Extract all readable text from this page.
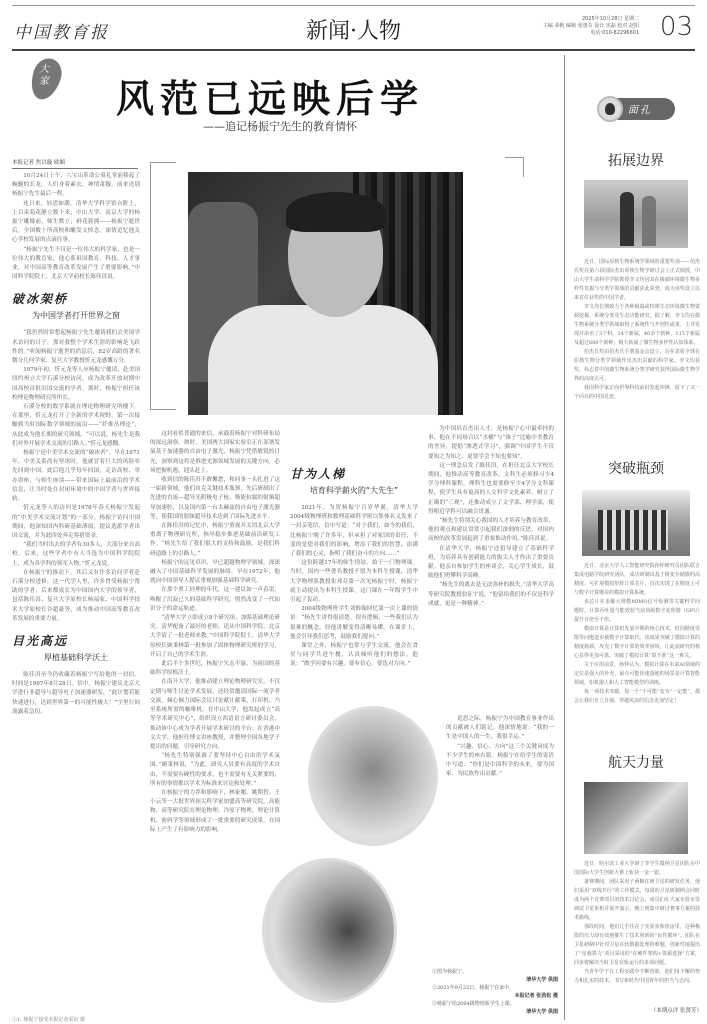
中国教育报	新闻·人物	2025年10月28日 星期二
主编 荣帆 编辑 张惠芬 设计 宪磊 校对 赵阳
电话:010-82296601 03
大家 风范已远映后学
——追记杨振宁先生的教育情怀
本报记者 焦以璇 欧媚

10月24日上午，八宝山革命公墓礼堂前移起了蜿蜒的长龙。人们身着素衣，神情肃穆，前来送别杨振宁先生最后一程。

连日来，轻思如潮。清华大学科学馆台阶上，上百束菊花静立数十米；中山大学、南京大学的杨振宁雕像前，师生默立；鲜花簇拥——杨振宁逝世后，全国数十所高校和雕发文悼念，深情追忆他关心学校发展的点滴往事。

“杨振宁先生不仅是一位伟大的科学家，也是一位伟大的教育家，他心系祖国教育、科技、人才事业，对中国高等教育改革发展产生了重要影响。”中国科学院院士、北京大学前校长陈佳洱说。

破冰架桥
为中国学者打开世界之窗

“我仍然时常想起杨振宁先生邀请我们去美国学术访问的日子，那对我整个学术生涯的影响是飞跃性的。”听闻杨振宁逝世的消息后，82岁高龄的著名微分几何学家、复旦大学教授忻元龙感慨万分。

1979年初，忻元龙等人应杨振宁邀请，赴美国纽约州立大学石溪分校访问，成为改革开放初期中国高校首批出国交流的学者。那时，杨振宁担任该校理论物理研究所所长。

石溪分校的数学系就在理论物理研究所楼下。在那里，忻元龙打开了全新的学术视野，第一次接触到当时国际数学领域的前沿——“纤维丛理论”，从此成为他长期的研究领域。“可以说，杨先生是我们对外开展学术交流的引路人。”忻元龙感慨。

杨振宁是中美学术交流的“破冰者”。早在1971年，中美关系尚有坚冰时，他就冒着巨大的风险率先回到中国。此后他几乎每年回国，走访高校、举办讲座，与师生座谈——带来国际上最前沿的学术信息，让当时处在封闭环境中的中国学者与世界接轨。

忻元龙等人的访问是1978年春天杨振宁发起的“中美学术交流计划”的一部分。杨振宁访问中国期间，他深知国内科研基础薄弱，提议选派学者出国交流，并为此四处奔走筹措资金。

“我们当时出去的学者有30多人，大部分来自高校。后来，这些学者中有人当选为中国科学院院士，成为各学科的领军人物。”忻元龙说。

在杨振宁的推动下，其后又有许多访问学者赴石溪分校进修，这一代学人里，许多曾受杨振宁帮助的学者，后来都成长为中国国内大学的领导者，包括陈佳洱、复旦大学原校长杨福家、中国科学技术大学原校长谷超豪等，成为推动中国高等教育改革发展的重要力量。

目光高远
厚植基础科学沃土

陈佳洱至今仍收藏着杨振宁写给他的一封信。时间是1997年8月28日。信中，杨振宁建议北京大学进行非超导与超导电子加速器研发，“此计划若能快速进行，达到世界第一的可能性极大！”字里行间流露着急切。

①1. 杨振宁接受本报记者采访 摄

这封看似普通的来信，承载着杨振宁对科研布局的深远洞察。彼时，美国两大国家实验室正在部署发展基于加速器的自由电子激光，杨振宁凭借敏锐的目光，洞察到这将是推进光源领域发展的关键方向，必须把握机遇，迎头赶上。

收到信的陈佳洱不敢懈怠，和同事一头扎进了这一崭新领域。他们攻克关键技术瓶颈，先后研制出了先进的直流—超导光阴极电子枪、吸能抗腐的射频超导加速腔，以及国内第一台太赫兹的自由电子激光器等，使我国的射频超导技术达到了国际先进水平。

在陈佳洱的记忆中，杨振宁重视并关切北京大学重离子物理研究所，指导稳步推进基础前沿研发工作。“杨先生给了我们很大的支持和鼓励，是我们科研道路上的引路人。”

杨振宁的远见卓识，早已超越物理学领域，深深融入了中国基础科学发展的脉络。早在1972年，他就向中国领导人提议重视加强基础科学研究。

在那个重工轻理的年代，这一建议如一声春雷，唤醒了沉寂已久的基础科学研究，悄然改变了一代知识分子的命运轨迹。

“清华大学立即成立8个研究组，加强基础理论研究。清华配备了最好的老师，送从中国科学院、北京大学请了一批老师来教。”中国科学院院士、清华大学原校长顾秉林第一批参加了固体物理研究班的学习，开启了自己的学术生涯。

此后半个多世纪，杨振宁矢志不渝，为祖国的基础科学厚植沃土。

在南开大学，他推动建立理论物理研究室，不仅定期与师生讨论学术发展，还经常邀请国际一流学者交流，倾心倾力国际会议讨论献计献策，打印机、乃至系统所需的咖啡机。在中山大学，他发起成立“高等学术研究中心”，组织设立西语语言研讨委员会，推动该中心成为学者开展学术研讨的平台；在香港中文大学，他担任博文讲座教授，并整理全国各地学子提出的问题，引导研究方向。

“杨先生特别强调了要坚持中心自由的学术氛围。”顾秉林说，“为此，研究人员要有高度的学术自由，不需要有硬性的要求，也不需要有无关紧要的，所有的事情都以学术为标准来讨论和处理。”

在杨振宁的力荐和影响下，林家翘、姚期智、王小云等一大批世界顶尖科学家加盟高等研究院。高能物、高等研究院在理论物理、冷原子物理、理论计算机、密码学等领域形成了一批重要的研究成果，在国际上产生了有影响力的影响。

甘为人梯
培育科学薪火的“大先生”

2021年，为贺杨振宁百岁华诞，清华大学2004级物理班和数理基础科学班以集体名义发来了一封亲笔信，信中写道：“对于我们，如今的我们，比杨振宁晚了许多年，但承担了对家国的责任，不变的是您对我们的影响，增添了我们的智慧，添满了我们的心灵，指明了我们奋斗的方向……”

这份跨越17年的师生情谊，始于一门物理课。当时，国内一些著名教授不愿为本科生授课，清华大学物理系教授朱邦芬第一次见杨振宁时，杨振宁就主动提出为本科生授课，这门课在一年级学生中引起了轰动。

2004级物理班学生刘惟翰回忆第一次上课的情景：“杨先生讲得很清楚、很有逻辑，一些我们认为很难的概念，经他讲解变得清晰易懂。在课堂上，他会引导我们思考，鼓励我们提问。”

课堂之外，杨振宁也常与学生交流。他会在食堂与同学共进午餐，认真倾听他们的想法。他说：“做学问要有兴趣，要有信心，要选对方向。”

为中国培育杰出人才，是杨振宁心中最牵挂的事。他在不同场合以“水桶”与“锥子”比喻中美教育的差异，提倡“渗透式学习”，强调“中国学生不仅要知之为知之，更要学会不知也要知”。

这一理念启发了陈佳洱。在担任北京大学校长期间，他推动高等教育改革，文科生必须修习少4学分理科课程，理科生也需要修至少4学分文科课程，使学生具有更高的人文科学文化素养，树立了正确的“三观”，还推动成立了文学部、理学部，使得相近学科可以融合贯通。

“杨先生特别关心我国的人才培养与教育改革，他的观点和建议常常引起我们深刻的反思，对国内高校的改革发展起到了重要推动作用。”陈佳洱说。

在清华大学，杨振宁还倡导建立了基础科学班，为培养具有创新能力的拔尖人才作出了重要贡献。他亲自参加学生的座谈会，关心学生成长，鼓励他们勇攀科学高峰。

“杨先生的离去是无法弥补的损失。”清华大学高等研究院教授翁征宇说，“他留给我们的不仅是科学成就，更是一种精神。”

追思之际，杨振宁为中国教育事业作出的贡献被人们铭记。他深情地说：“我的一生是中国人的一生，我很幸运。”

“兴趣、信心、方向”这三个关键词成为不少学生的座右铭。杨振宁在给学生的寄语中写道：“你们是中国科学的未来，要为国家、为民族作出贡献。”

①图为杨振宁。
清华大学 供图
②2021年9月22日，杨振宁在家中。
本报记者 张劲松 摄
③杨振宁给2004级物理系学生上课。
清华大学 供图
面孔
拓展边界

近日，国际原核生物系统学领域的重要奖项——伯杰氏奖在第六届国际杰出原核生物学研讨会上正式颁授，中山大学生命科学学院教授李文均因其在极端环境微生物多样性发掘与分类学领域的贡献获此荣誉，成为该奖设立以来首位获奖的中国学者。

李文均长期致力于各种极端或特殊生态环境微生物资源挖掘、系统分类及生态功能研究。据了解，李文均在微生物系统分类学领域取得了系统性与开创性成果，主导发现并命名了3个科、24个新属，40余个新种，115个新属及超过680个新种，极大拓展了微生物多样性认知体系。

伯杰氏奖由伯杰氏手册基金会设立，旨在表彰全球在原核生物分类学领域作出杰出贡献的科学家。李文均获奖，标志着中国微生物系统分类学研究获得国际微生物学界的高度认可。

我国科学家正向世界科技前沿发起冲锋，留下了又一个闪亮的中国足迹。

突破瓶颈

近日，北京大学人工智能研究院孙仲研究员团队联合集成电路学院研究团队，成功研制出基于阻变存储器的高精度、可扩展模拟矩阵计算芯片，首次实现了在精度上可与数字计算媲美的模拟计算系统。

该芯片在求解大规模MIMO信号检测等关键科学问题时，计算吞吐量与能效较当前顶级数字处理器（GPU）提升百倍至千倍。

模拟计算是计算机发展早期的核心技术，但因精度受限等问题逐步被数字计算取代。该成果突破了模拟计算的精度瓶颈，攻克了数字计算的效率困境，让此前研究的核心显得更加可靠，突破了模拟计算“算不准”这一难关。

关于应用前景，孙仲认为，模拟计算在未来AI领域的定位是强大的补充，最有可能快速落地的场景是计算智能领域，如机器人和人工智能模型的训练。

每一项技术突破，每一个“不可能”变为“一定能”，都会让我们自立自强，穿越风浪的信念更加坚定！

航天力量

近日，哈尔滨工业大学研了李学生微纳卫星团队在中国国际大学生创新大赛上斩获一金一银。

备赛期间，团队采用子两颗在研卫星的研发任务，他们采用“双线并行”的工作模式，每周的卫星研制例会同时成为两个竞赛项目的技术讨论会，成员们在大家实验室里调试卫星单机并展开演示，晚上则集中研讨赛事方案的技术路线。

那段时间，他们几乎住在了实验室和机房里，这种极限的压力却有效地催生了技术创新的“良性循环”。团队在卫星研制中针对卫星在轨数据处理的难题，创新性地提出了“星载算力”项目采用的“在硬件架构+资源选择”方案，同步将解决当时卫星在轨运行的多项问题。

当青年学子在工程实践中不断创新，他们用不懈的努力和扎实的技术，书写新时代中国青年的担当与志向。

（本期点评 张贤芳）
